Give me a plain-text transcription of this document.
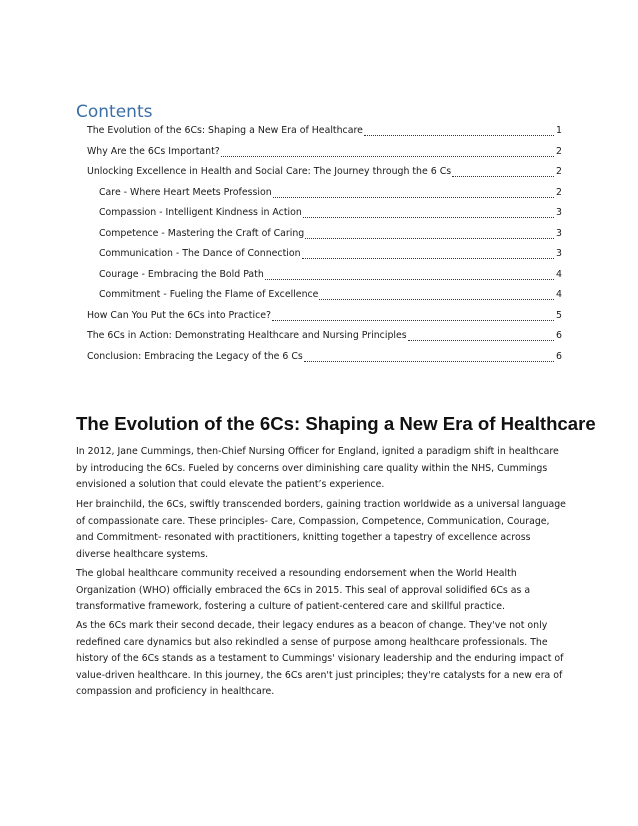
Contents
The Evolution of the 6Cs: Shaping a New Era of Healthcare	1
Why Are the 6Cs Important?	2
Unlocking Excellence in Health and Social Care: The Journey through the 6 Cs	2
Care - Where Heart Meets Profession	2
Compassion - Intelligent Kindness in Action	3
Competence - Mastering the Craft of Caring	3
Communication - The Dance of Connection	3
Courage - Embracing the Bold Path	4
Commitment - Fueling the Flame of Excellence	4
How Can You Put the 6Cs into Practice?	5
The 6Cs in Action: Demonstrating Healthcare and Nursing Principles	6
Conclusion: Embracing the Legacy of the 6 Cs	6
The Evolution of the 6Cs: Shaping a New Era of Healthcare

In 2012, Jane Cummings, then-Chief Nursing Officer for England, ignited a paradigm shift in healthcare by introducing the 6Cs. Fueled by concerns over diminishing care quality within the NHS, Cummings envisioned a solution that could elevate the patient’s experience.

Her brainchild, the 6Cs, swiftly transcended borders, gaining traction worldwide as a universal language of compassionate care. These principles- Care, Compassion, Competence, Communication, Courage, and Commitment- resonated with practitioners, knitting together a tapestry of excellence across diverse healthcare systems.

The global healthcare community received a resounding endorsement when the World Health Organization (WHO) officially embraced the 6Cs in 2015. This seal of approval solidified 6Cs as a transformative framework, fostering a culture of patient-centered care and skillful practice.

As the 6Cs mark their second decade, their legacy endures as a beacon of change. They've not only redefined care dynamics but also rekindled a sense of purpose among healthcare professionals. The history of the 6Cs stands as a testament to Cummings' visionary leadership and the enduring impact of value-driven healthcare. In this journey, the 6Cs aren't just principles; they're catalysts for a new era of compassion and proficiency in healthcare.
